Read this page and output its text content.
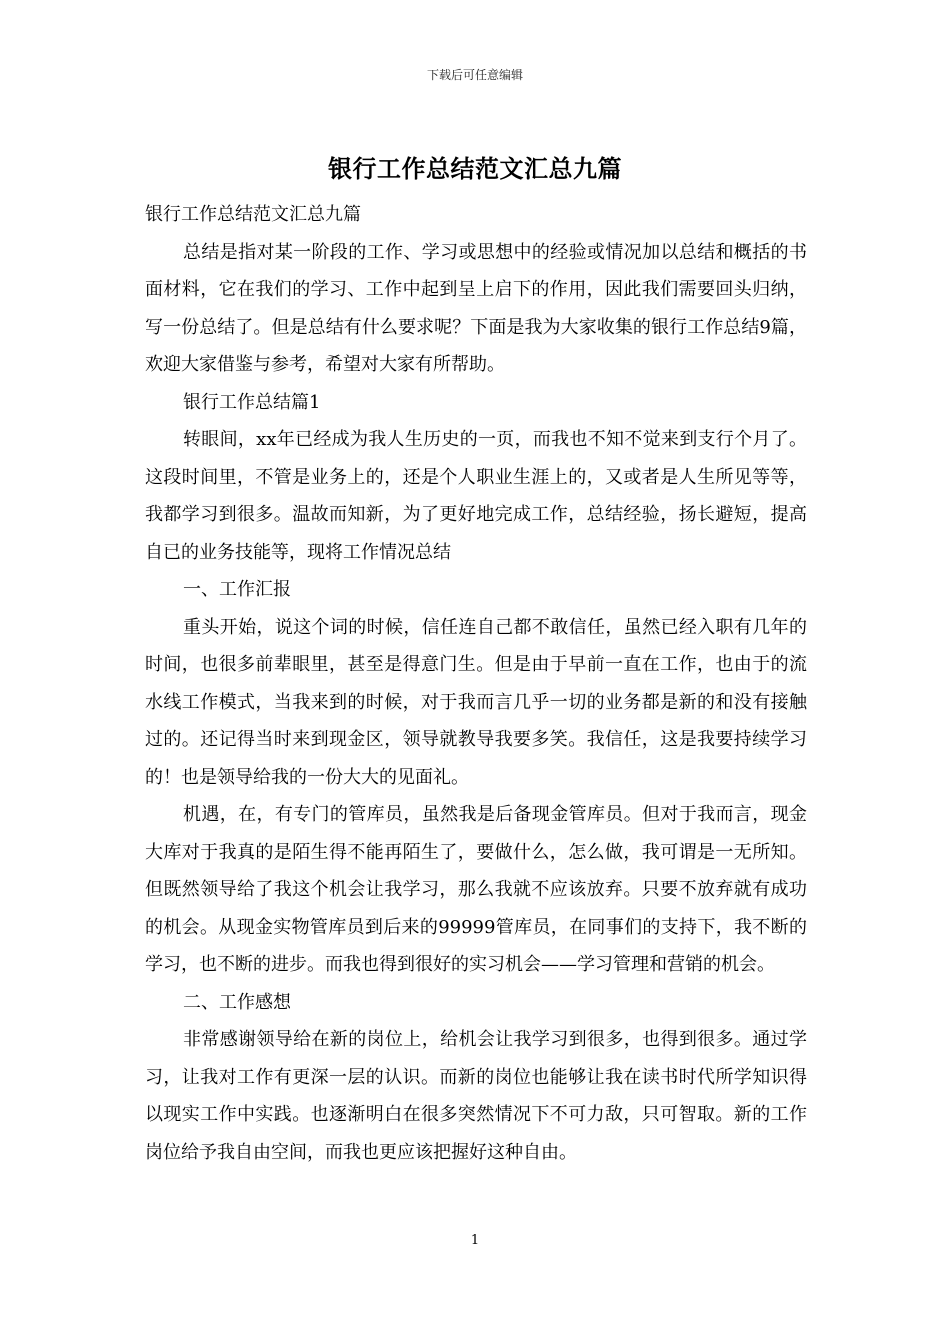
下载后可任意编辑
银行工作总结范文汇总九篇

银行工作总结范文汇总九篇

总结是指对某一阶段的工作、学习或思想中的经验或情况加以总结和概括的书面材料，它在我们的学习、工作中起到呈上启下的作用，因此我们需要回头归纳，写一份总结了。但是总结有什么要求呢？下面是我为大家收集的银行工作总结9篇，欢迎大家借鉴与参考，希望对大家有所帮助。

银行工作总结篇1

转眼间，xx年已经成为我人生历史的一页，而我也不知不觉来到支行个月了。这段时间里，不管是业务上的，还是个人职业生涯上的，又或者是人生所见等等，我都学习到很多。温故而知新，为了更好地完成工作，总结经验，扬长避短，提高自已的业务技能等，现将工作情况总结

一、工作汇报

重头开始，说这个词的时候，信任连自己都不敢信任，虽然已经入职有几年的时间，也很多前辈眼里，甚至是得意门生。但是由于早前一直在工作，也由于的流水线工作模式，当我来到的时候，对于我而言几乎一切的业务都是新的和没有接触过的。还记得当时来到现金区，领导就教导我要多笑。我信任，这是我要持续学习的！也是领导给我的一份大大的见面礼。

机遇，在，有专门的管库员，虽然我是后备现金管库员。但对于我而言，现金大库对于我真的是陌生得不能再陌生了，要做什么，怎么做，我可谓是一无所知。但既然领导给了我这个机会让我学习，那么我就不应该放弃。只要不放弃就有成功的机会。从现金实物管库员到后来的99999管库员，在同事们的支持下，我不断的学习，也不断的进步。而我也得到很好的实习机会——学习管理和营销的机会。

二、工作感想

非常感谢领导给在新的岗位上，给机会让我学习到很多，也得到很多。通过学习，让我对工作有更深一层的认识。而新的岗位也能够让我在读书时代所学知识得以现实工作中实践。也逐渐明白在很多突然情况下不可力敌，只可智取。新的工作岗位给予我自由空间，而我也更应该把握好这种自由。

1
